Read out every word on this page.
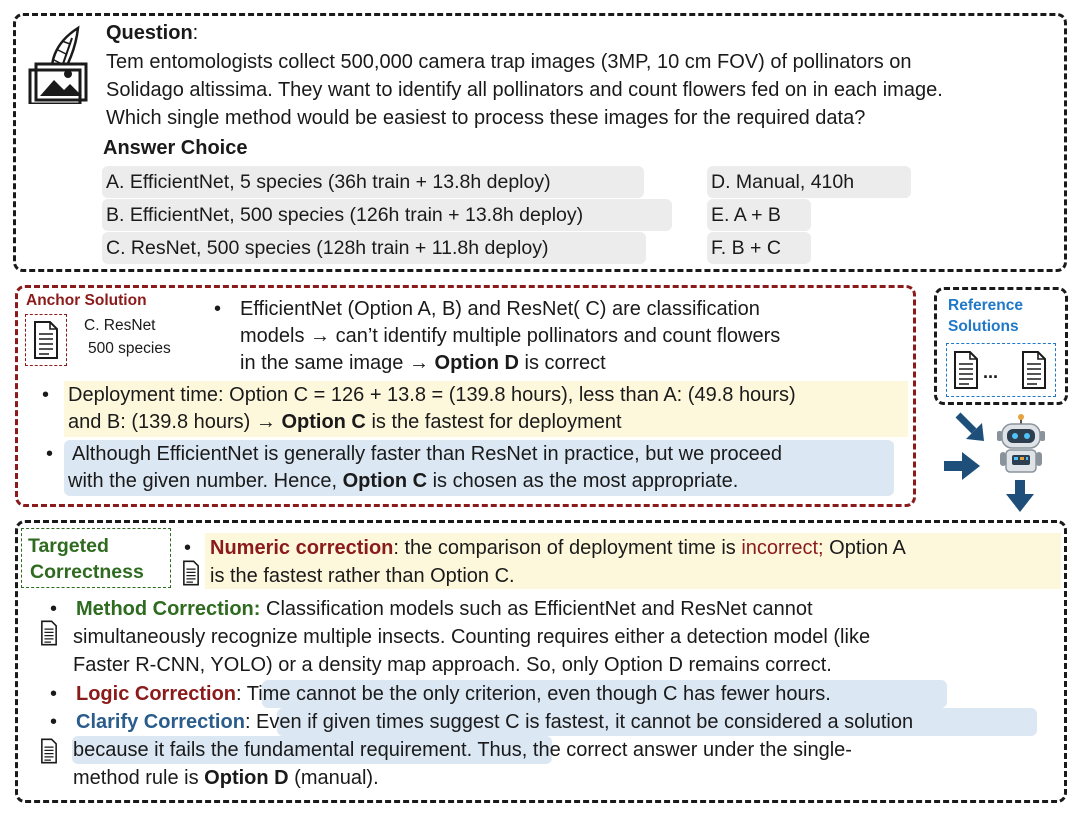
Question:
Tem entomologists collect 500,000 camera trap images (3MP, 10 cm FOV) of pollinators on
Solidago altissima. They want to identify all pollinators and count flowers fed on in each image.
Which single method would be easiest to process these images for the required data?
Answer Choice
A. EfficientNet, 5 species (36h train + 13.8h deploy)
B. EfficientNet, 500 species (126h train + 13.8h deploy)
C. ResNet, 500 species (128h train + 11.8h deploy)
D. Manual, 410h
E. A + B
F. B + C
Anchor Solution
C. ResNet
500 species
• EfficientNet (Option A, B) and ResNet( C) are classification
models → can’t identify multiple pollinators and count flowers
in the same image → Option D is correct
• Deployment time: Option C = 126 + 13.8 = (139.8 hours), less than A: (49.8 hours)
and B: (139.8 hours) → Option C is the fastest for deployment
• Although EfficientNet is generally faster than ResNet in practice, but we proceed
with the given number. Hence, Option C is chosen as the most appropriate.
Reference
Solutions
...
Targeted
Correctness
• Numeric correction: the comparison of deployment time is incorrect; Option A
is the fastest rather than Option C.
• Method Correction: Classification models such as EfficientNet and ResNet cannot
simultaneously recognize multiple insects. Counting requires either a detection model (like
Faster R-CNN, YOLO) or a density map approach. So, only Option D remains correct.
• Logic Correction: Time cannot be the only criterion, even though C has fewer hours.
• Clarify Correction: Even if given times suggest C is fastest, it cannot be considered a solution
because it fails the fundamental requirement. Thus, the correct answer under the single-
method rule is Option D (manual).
